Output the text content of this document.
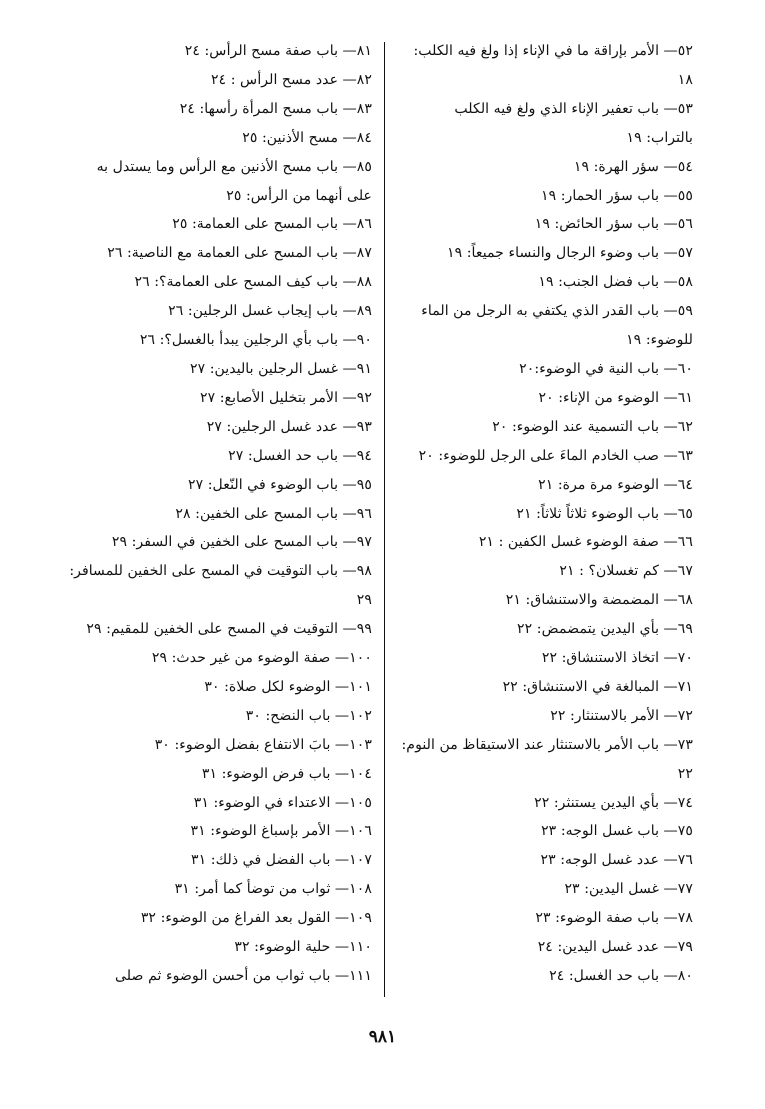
٥٢— الأمر بإراقة ما في الإناء إذا ولغ فيه الكلب:
١٨
٥٣— باب تعفير الإناء الذي ولغ فيه الكلب
بالتراب: ١٩
٥٤— سؤر الهرة: ١٩
٥٥— باب سؤر الحمار: ١٩
٥٦— باب سؤر الحائض: ١٩
٥٧— باب وضوء الرجال والنساء جميعاً: ١٩
٥٨— باب فضل الجنب: ١٩
٥٩— باب القدر الذي يكتفي به الرجل من الماء
للوضوء: ١٩
٦٠— باب النية في الوضوء:٢٠
٦١— الوضوء من الإناء: ٢٠
٦٢— باب التسمية عند الوضوء: ٢٠
٦٣— صب الخادم الماءَ على الرجل للوضوء: ٢٠
٦٤— الوضوء مرة مرة: ٢١
٦٥— باب الوضوء ثلاثاً ثلاثاً: ٢١
٦٦— صفة الوضوء غسل الكفين : ٢١
٦٧— كم تغسلان؟ : ٢١
٦٨— المضمضة والاستنشاق: ٢١
٦٩— بأي اليدين يتمضمض: ٢٢
٧٠— اتخاذ الاستنشاق: ٢٢
٧١— المبالغة في الاستنشاق: ٢٢
٧٢— الأمر بالاستنثار: ٢٢
٧٣— باب الأمر بالاستنثار عند الاستيقاظ من النوم:
٢٢
٧٤— بأي اليدين يستنثر: ٢٢
٧٥— باب غسل الوجه: ٢٣
٧٦— عدد غسل الوجه: ٢٣
٧٧— غسل اليدين: ٢٣
٧٨— باب صفة الوضوء: ٢٣
٧٩— عدد غسل اليدين: ٢٤
٨٠— باب حد الغسل: ٢٤
٨١— باب صفة مسح الرأس: ٢٤
٨٢— عدد مسح الرأس : ٢٤
٨٣— باب مسح المرأة رأسها: ٢٤
٨٤— مسح الأذنين: ٢٥
٨٥— باب مسح الأذنين مع الرأس وما يستدل به
على أنهما من الرأس: ٢٥
٨٦— باب المسح على العمامة: ٢٥
٨٧— باب المسح على العمامة مع الناصية: ٢٦
٨٨— باب كيف المسح على العمامة؟: ٢٦
٨٩— باب إيجاب غسل الرجلين: ٢٦
٩٠— باب بأي الرجلين يبدأ بالغسل؟: ٢٦
٩١— غسل الرجلين باليدين: ٢٧
٩٢— الأمر بتخليل الأصابع: ٢٧
٩٣— عدد غسل الرجلين: ٢٧
٩٤— باب حد الغسل: ٢٧
٩٥— باب الوضوء في النّعل: ٢٧
٩٦— باب المسح على الخفين: ٢٨
٩٧— باب المسح على الخفين في السفر: ٢٩
٩٨— باب التوقيت في المسح على الخفين للمسافر:
٢٩
٩٩— التوقيت في المسح على الخفين للمقيم: ٢٩
١٠٠— صفة الوضوء من غير حدث: ٢٩
١٠١— الوضوء لكل صلاة: ٣٠
١٠٢— باب النضح: ٣٠
١٠٣— بابَ الانتفاع بفضل الوضوء: ٣٠
١٠٤— باب فرض الوضوء: ٣١
١٠٥— الاعتداء في الوضوء: ٣١
١٠٦— الأمر بإسباغ الوضوء: ٣١
١٠٧— باب الفضل في ذلك: ٣١
١٠٨— ثواب من توضأ كما أمر: ٣١
١٠٩— القول بعد الفراغ من الوضوء: ٣٢
١١٠— حلية الوضوء: ٣٢
١١١— باب ثواب من أحسن الوضوء ثم صلى
٩٨١
